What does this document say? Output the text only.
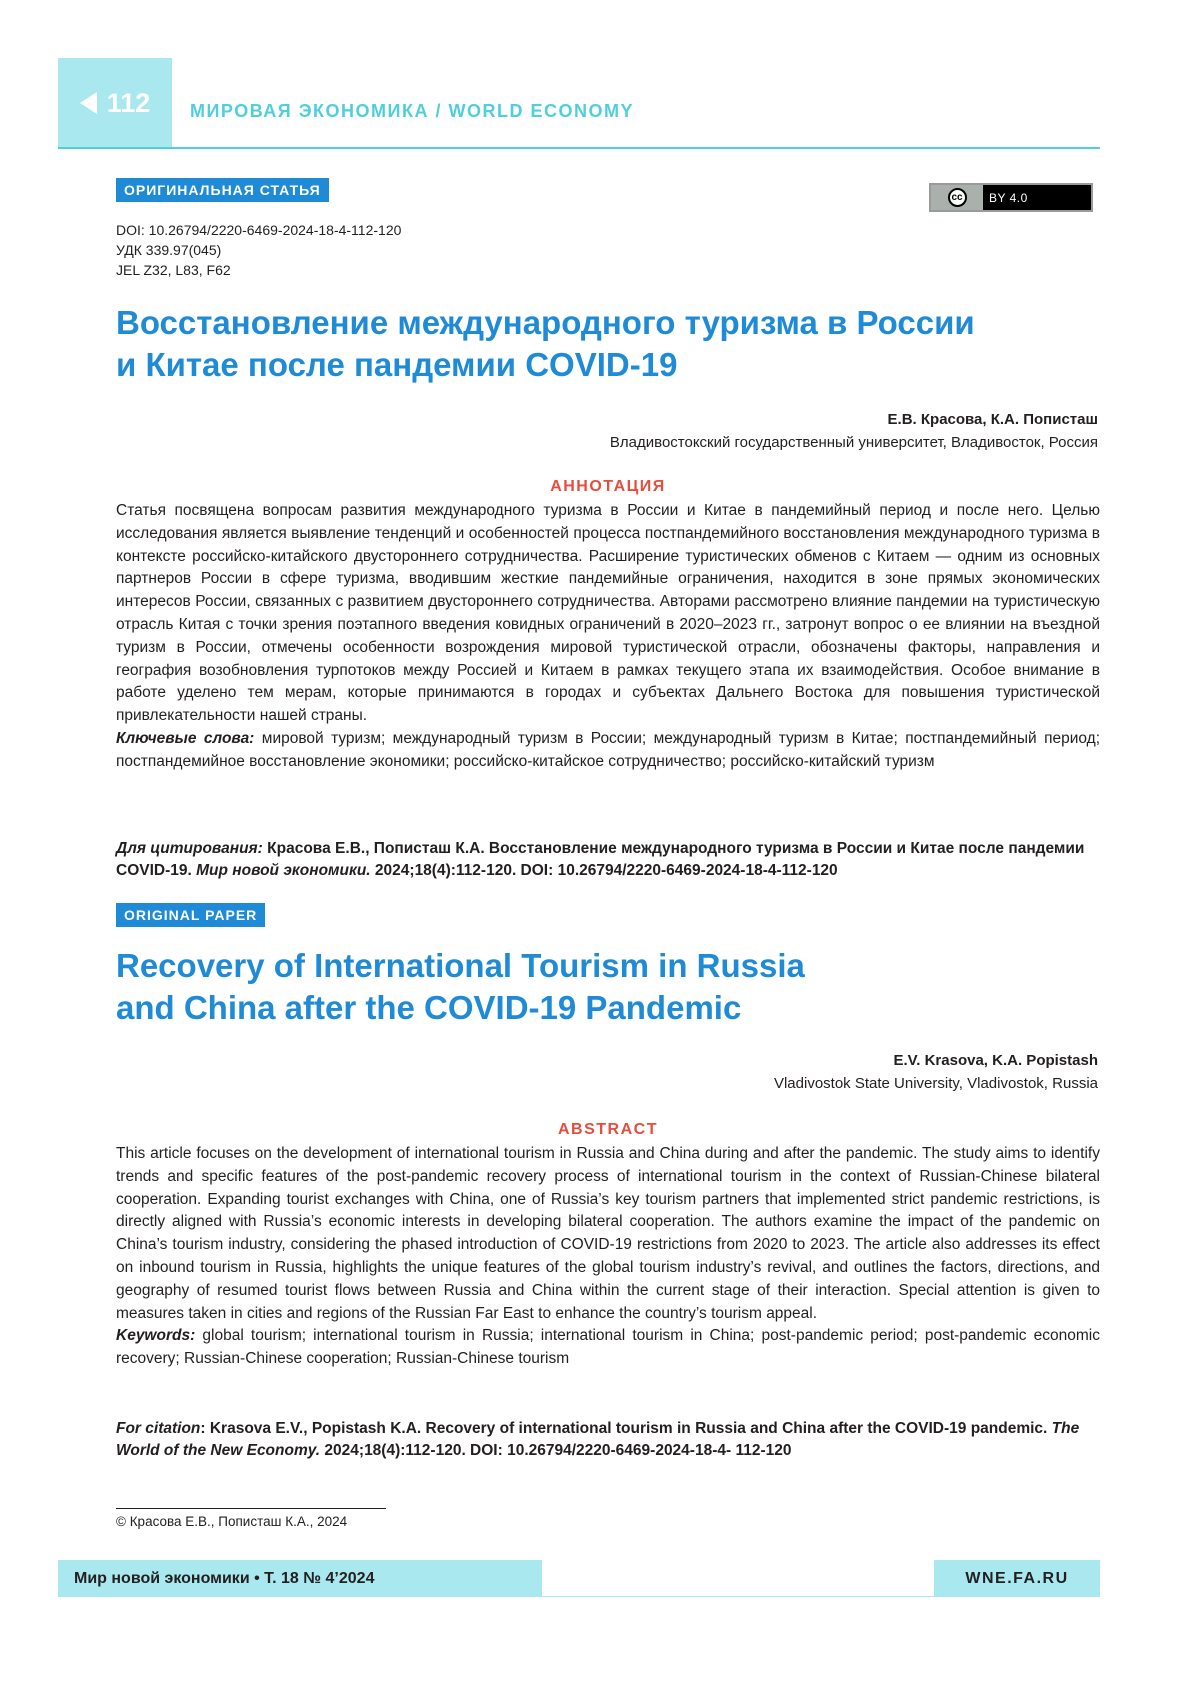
112 МИРОВАЯ ЭКОНОМИКА / WORLD ECONOMY
ОРИГИНАЛЬНАЯ СТАТЬЯ	cc	BY 4.0
DOI: 10.26794/2220-6469-2024-18-4-112-120
УДК 339.97(045)
JEL Z32, L83, F62
Восстановление международного туризма в России
и Китае после пандемии COVID-19
Е.В. Красова, К.А. Пописташ
Владивостокский государственный университет, Владивосток, Россия
АННОТАЦИЯ
Статья посвящена вопросам развития международного туризма в России и Китае в пандемийный период и после него. Целью исследования является выявление тенденций и особенностей процесса постпандемийного восстановления международного туризма в контексте российско-китайского двустороннего сотрудничества. Расширение туристических обменов с Китаем — одним из основных партнеров России в сфере туризма, вводившим жесткие пандемийные ограничения, находится в зоне прямых экономических интересов России, связанных с развитием двустороннего сотрудничества. Авторами рассмотрено влияние пандемии на туристическую отрасль Китая с точки зрения поэтапного введения ковидных ограничений в 2020–2023 гг., затронут вопрос о ее влиянии на въездной туризм в России, отмечены особенности возрождения мировой туристической отрасли, обозначены факторы, направления и география возобновления турпотоков между Россией и Китаем в рамках текущего этапа их взаимодействия. Особое внимание в работе уделено тем мерам, которые принимаются в городах и субъектах Дальнего Востока для повышения туристической привлекательности нашей страны.
Ключевые слова: мировой туризм; международный туризм в России; международный туризм в Китае; постпандемийный период; постпандемийное восстановление экономики; российско-китайское сотрудничество; российско-китайский туризм
Для цитирования: Красова Е.В., Пописташ К.А. Восстановление международного туризма в России и Китае после пандемии COVID-19. Мир новой экономики. 2024;18(4):112-120. DOI: 10.26794/2220-6469-2024-18-4-112-120
ORIGINAL PAPER
Recovery of International Tourism in Russia
and China after the COVID-19 Pandemic
E.V. Krasova, K.A. Popistash
Vladivostok State University, Vladivostok, Russia
ABSTRACT
This article focuses on the development of international tourism in Russia and China during and after the pandemic. The study aims to identify trends and specific features of the post-pandemic recovery process of international tourism in the context of Russian-Chinese bilateral cooperation. Expanding tourist exchanges with China, one of Russia’s key tourism partners that implemented strict pandemic restrictions, is directly aligned with Russia’s economic interests in developing bilateral cooperation. The authors examine the impact of the pandemic on China’s tourism industry, considering the phased introduction of COVID-19 restrictions from 2020 to 2023. The article also addresses its effect on inbound tourism in Russia, highlights the unique features of the global tourism industry’s revival, and outlines the factors, directions, and geography of resumed tourist flows between Russia and China within the current stage of their interaction. Special attention is given to measures taken in cities and regions of the Russian Far East to enhance the country’s tourism appeal.
Keywords: global tourism; international tourism in Russia; international tourism in China; post-pandemic period; post-pandemic economic recovery; Russian-Chinese cooperation; Russian-Chinese tourism
For citation: Krasova E.V., Popistash K.A. Recovery of international tourism in Russia and China after the COVID-19 pandemic. The World of the New Economy. 2024;18(4):112-120. DOI: 10.26794/2220-6469-2024-18-4- 112-120
© Красова Е.В., Пописташ К.А., 2024
Мир новой экономики • Т. 18 № 4’2024	WNE.FA.RU
